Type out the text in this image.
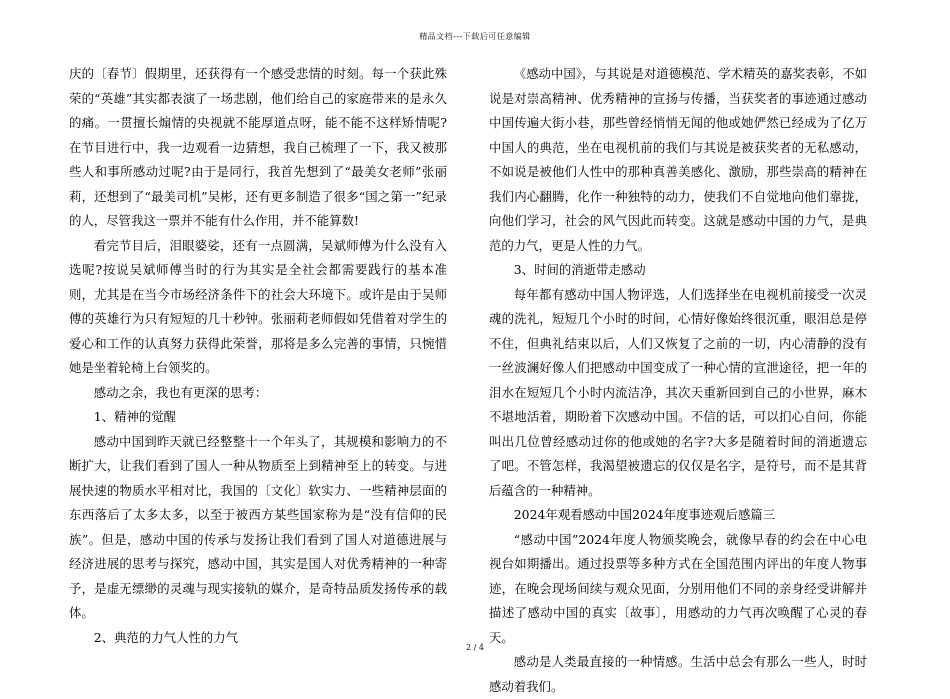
精品文档---下载后可任意编辑

庆的〔春节〕假期里，还获得有一个感受悲情的时刻。每一个获此殊荣的“英雄”其实都表演了一场悲剧，他们给自己的家庭带来的是永久的痛。一贯擅长煽情的央视就不能厚道点呀，能不能不这样矫情呢?在节目进行中，我一边观看一边猜想，我自己梳理了一下，我又被那些人和事所感动过呢?由于是同行，我首先想到了“最美女老师”张丽莉，还想到了“最美司机”吴彬，还有更多制造了很多“国之第一”纪录的人，尽管我这一票并不能有什么作用，并不能算数!

看完节目后，泪眼婆娑，还有一点圆满，吴斌师傅为什么没有入选呢?按说吴斌师傅当时的行为其实是全社会都需要践行的基本准则，尤其是在当今市场经济条件下的社会大环境下。或许是由于吴师傅的英雄行为只有短短的几十秒钟。张丽莉老师假如凭借着对学生的爱心和工作的认真努力获得此荣誉，那将是多么完善的事情，只惋惜她是坐着轮椅上台领奖的。

感动之余，我也有更深的思考：

1、精神的觉醒

感动中国到昨天就已经整整十一个年头了，其规模和影响力的不断扩大，让我们看到了国人一种从物质至上到精神至上的转变。与进展快速的物质水平相对比，我国的〔文化〕软实力、一些精神层面的东西落后了太多太多，以至于被西方某些国家称为是“没有信仰的民族”。但是，感动中国的传承与发扬让我们看到了国人对道德进展与经济进展的思考与探究，感动中国，其实是国人对优秀精神的一种寄予，是虚无缥缈的灵魂与现实接轨的媒介，是奇特品质发扬传承的载体。

2、典范的力气人性的力气

《感动中国》，与其说是对道德模范、学术精英的嘉奖表彰，不如说是对崇高精神、优秀精神的宣扬与传播，当获奖者的事迹通过感动中国传遍大街小巷，那些曾经悄悄无闻的他或她俨然已经成为了亿万中国人的典范，坐在电视机前的我们与其说是被获奖者的无私感动，不如说是被他们人性中的那种真善美感化、激励，那些崇高的精神在我们内心翻腾，化作一种独特的动力，使我们不自觉地向他们靠拢，向他们学习，社会的风气因此而转变。这就是感动中国的力气，是典范的力气，更是人性的力气。

3、时间的消逝带走感动

每年都有感动中国人物评选，人们选择坐在电视机前接受一次灵魂的洗礼，短短几个小时的时间，心情好像始终很沉重，眼泪总是停不住，但典礼结束以后，人们又恢复了之前的一切，内心清静的没有一丝波澜好像人们把感动中国变成了一种心情的宣泄途径，把一年的泪水在短短几个小时内流洁净，其次天重新回到自己的小世界，麻木不堪地活着，期盼着下次感动中国。不信的话，可以扪心自问，你能叫出几位曾经感动过你的他或她的名字?大多是随着时间的消逝遗忘了吧。不管怎样，我渴望被遗忘的仅仅是名字，是符号，而不是其背后蕴含的一种精神。

2024年观看感动中国2024年度事迹观后感篇三

“感动中国”2024年度人物颁奖晚会，就像早春的约会在中心电视台如期播出。通过投票等多种方式在全国范围内评出的年度人物事迹，在晚会现场间续与观众见面，分别用他们不同的亲身经受讲解并描述了感动中国的真实〔故事〕，用感动的力气再次唤醒了心灵的春天。

感动是人类最直接的一种情感。生活中总会有那么一些人，时时感动着我们。

2 / 4
